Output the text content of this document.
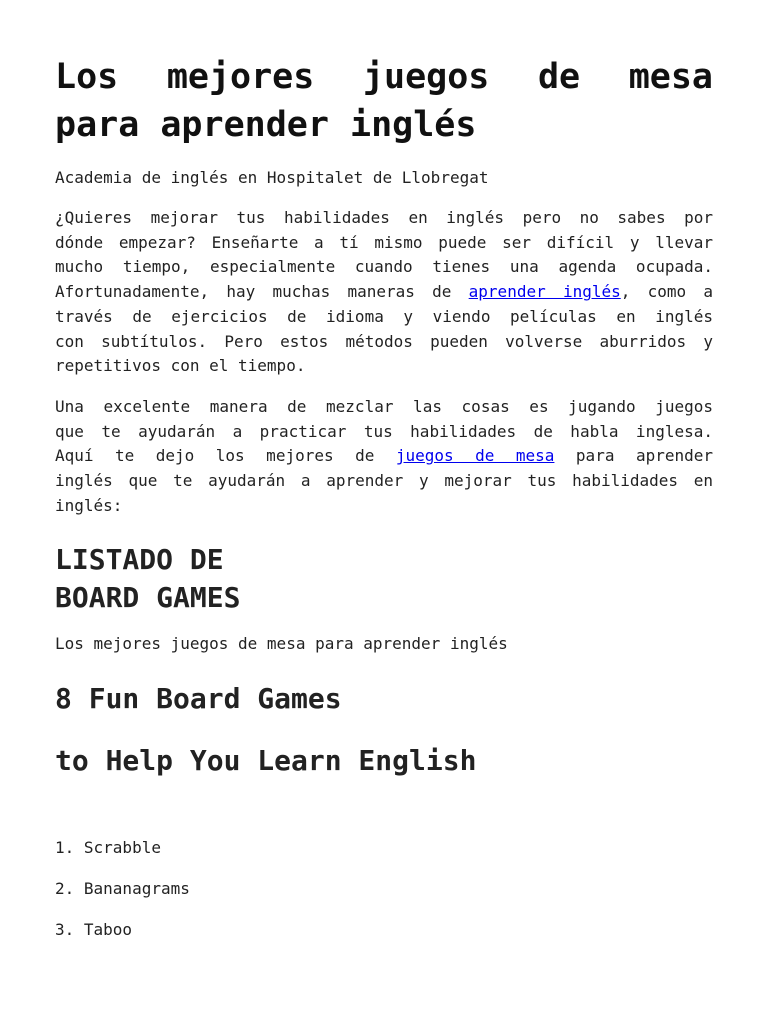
Los mejores juegos de mesa
para aprender inglés

Academia de inglés en Hospitalet de Llobregat

¿Quieres mejorar tus habilidades en inglés pero no sabes por
dónde empezar? Enseñarte a tí mismo puede ser difícil y llevar
mucho tiempo, especialmente cuando tienes una agenda ocupada.
Afortunadamente, hay muchas maneras de aprender inglés, como a
través de ejercicios de idioma y viendo películas en inglés
con subtítulos. Pero estos métodos pueden volverse aburridos y
repetitivos con el tiempo.

Una excelente manera de mezclar las cosas es jugando juegos
que te ayudarán a practicar tus habilidades de habla inglesa.
Aquí te dejo los mejores de juegos de mesa para aprender
inglés que te ayudarán a aprender y mejorar tus habilidades en
inglés:

LISTADO DE
BOARD GAMES

Los mejores juegos de mesa para aprender inglés

8 Fun Board Games
to Help You Learn English
1. Scrabble
2. Bananagrams
3. Taboo
